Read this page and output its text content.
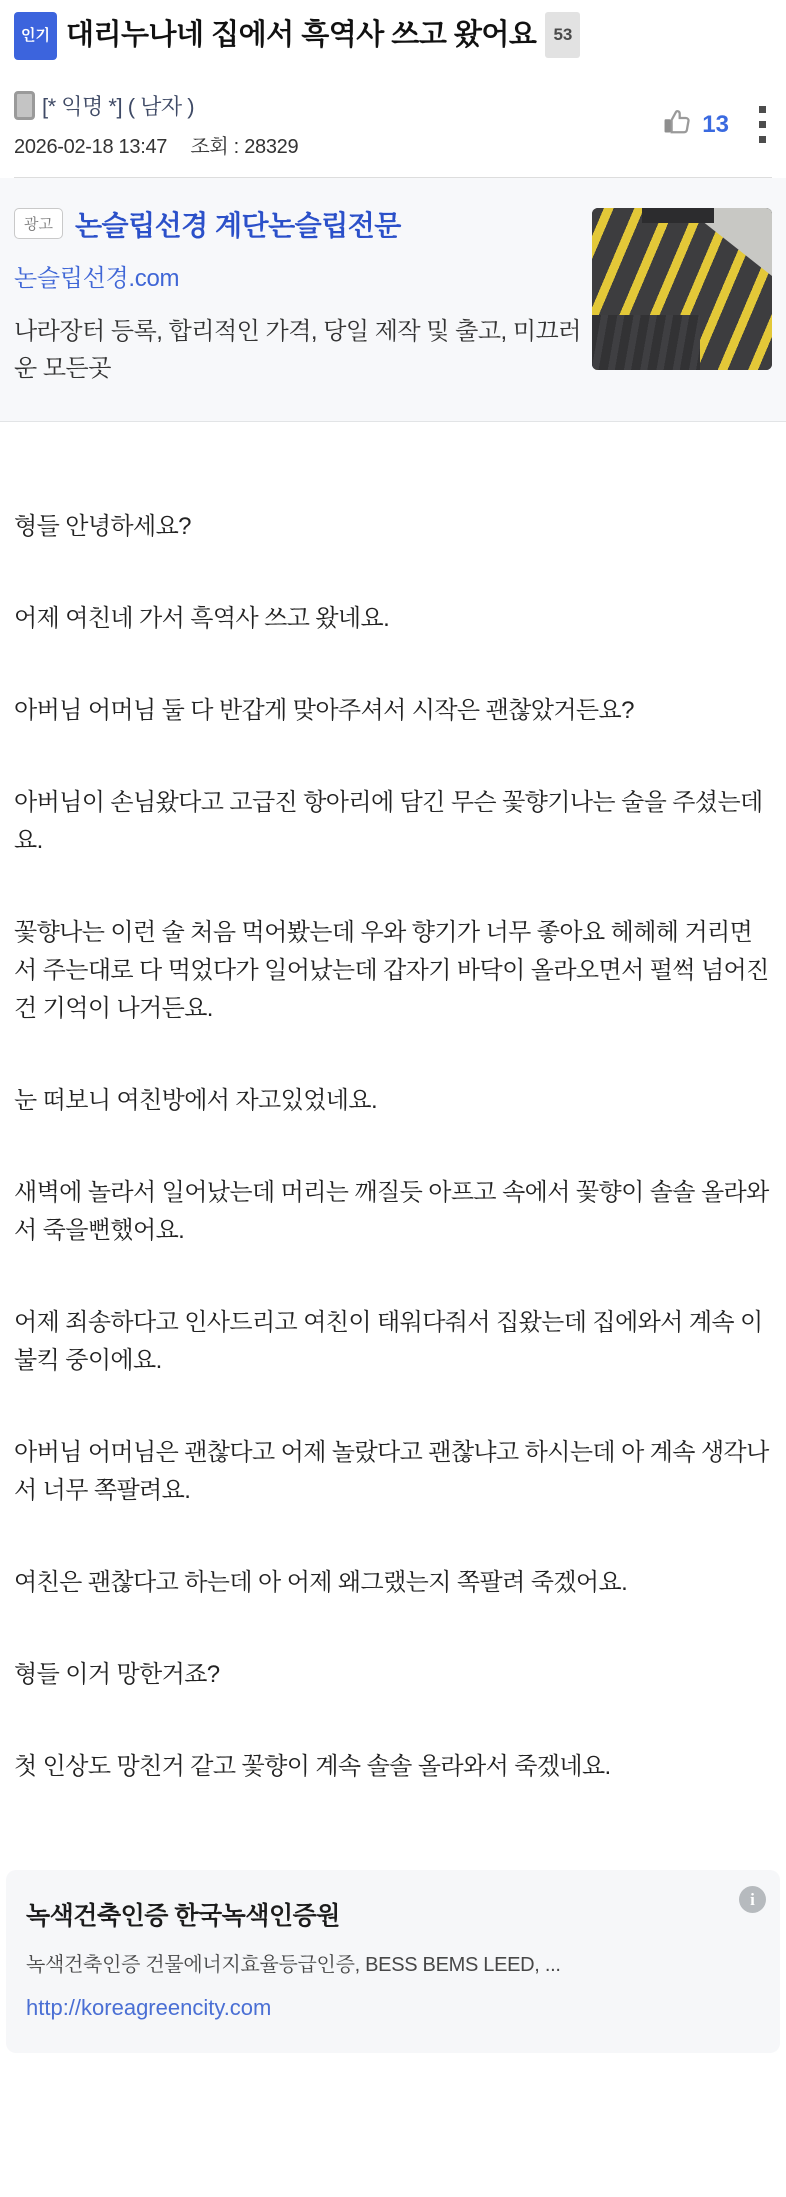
인기 대리누나네 집에서 흑역사 쓰고 왔어요 53
[* 익명 *] ( 남자 )
2026-02-18 13:47 조회 : 28329
13
광고 논슬립선경 계단논슬립전문
논슬립선경.com
나라장터 등록, 합리적인 가격, 당일 제작 및 출고, 미끄러운 모든곳

형들 안녕하세요?

어제 여친네 가서 흑역사 쓰고 왔네요.

아버님 어머님 둘 다 반갑게 맞아주셔서 시작은 괜찮았거든요?

아버님이 손님왔다고 고급진 항아리에 담긴 무슨 꽃향기나는 술을 주셨는데요.

꽃향나는 이런 술 처음 먹어봤는데 우와 향기가 너무 좋아요 헤헤헤 거리면서 주는대로 다 먹었다가 일어났는데 갑자기 바닥이 올라오면서 펄썩 넘어진건 기억이 나거든요.

눈 떠보니 여친방에서 자고있었네요.

새벽에 놀라서 일어났는데 머리는 깨질듯 아프고 속에서 꽃향이 솔솔 올라와서 죽을뻔했어요.

어제 죄송하다고 인사드리고 여친이 태워다줘서 집왔는데 집에와서 계속 이불킥 중이에요.

아버님 어머님은 괜찮다고 어제 놀랐다고 괜찮냐고 하시는데 아 계속 생각나서 너무 쪽팔려요.

여친은 괜찮다고 하는데 아 어제 왜그랬는지 쪽팔려 죽겠어요.

형들 이거 망한거죠?

첫 인상도 망친거 같고 꽃향이 계속 솔솔 올라와서 죽겠네요.

i
녹색건축인증 한국녹색인증원
녹색건축인증 건물에너지효율등급인증, BESS BEMS LEED, ...
http://koreagreencity.com
